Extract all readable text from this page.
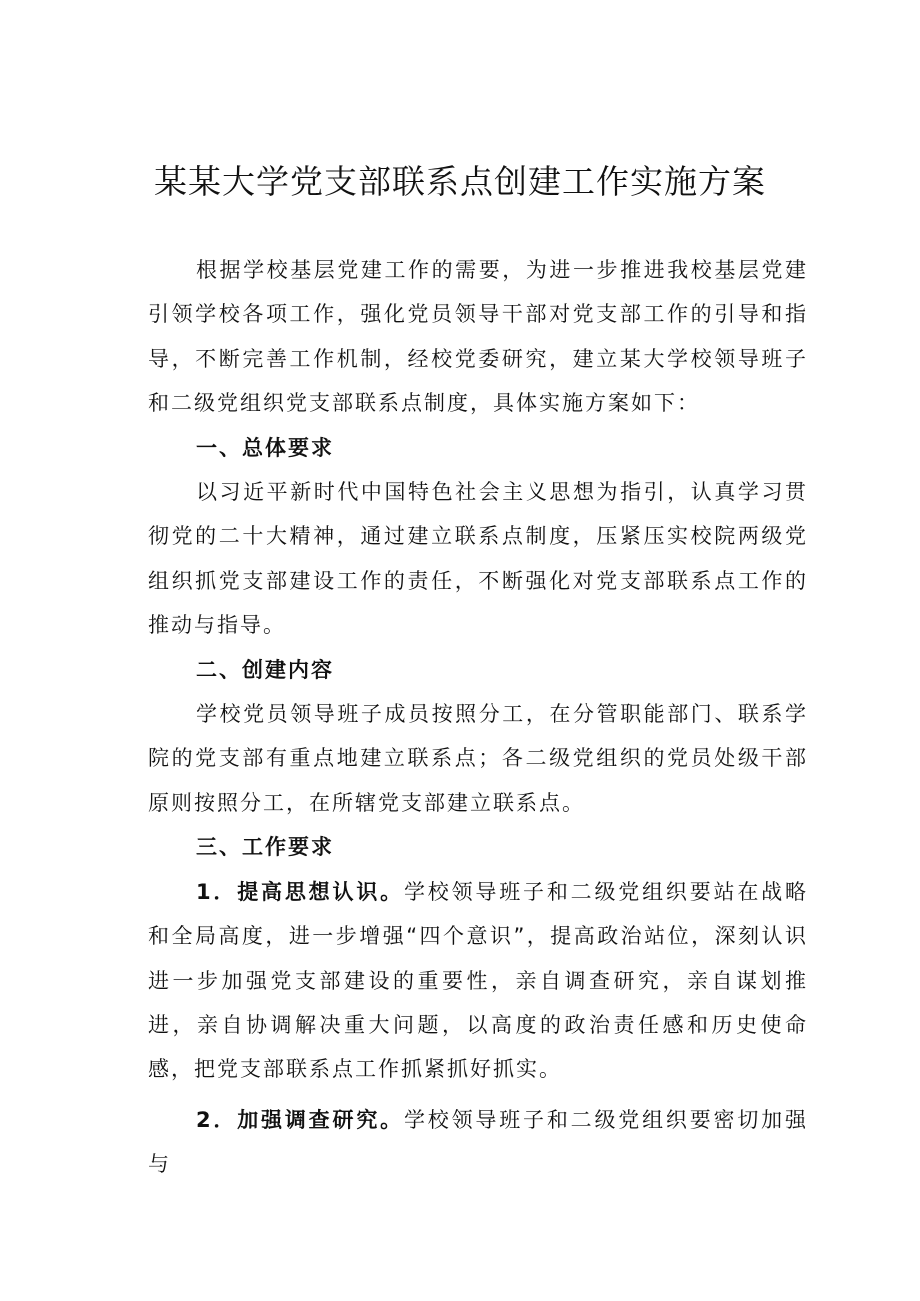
某某大学党支部联系点创建工作实施方案

根据学校基层党建工作的需要，为进一步推进我校基层党建引领学校各项工作，强化党员领导干部对党支部工作的引导和指导，不断完善工作机制，经校党委研究，建立某大学校领导班子和二级党组织党支部联系点制度，具体实施方案如下：

一、总体要求

以习近平新时代中国特色社会主义思想为指引，认真学习贯彻党的二十大精神，通过建立联系点制度，压紧压实校院两级党组织抓党支部建设工作的责任，不断强化对党支部联系点工作的推动与指导。

二、创建内容

学校党员领导班子成员按照分工，在分管职能部门、联系学院的党支部有重点地建立联系点；各二级党组织的党员处级干部原则按照分工，在所辖党支部建立联系点。

三、工作要求

1．提高思想认识。学校领导班子和二级党组织要站在战略和全局高度，进一步增强“四个意识”，提高政治站位，深刻认识进一步加强党支部建设的重要性，亲自调查研究，亲自谋划推进，亲自协调解决重大问题，以高度的政治责任感和历史使命感，把党支部联系点工作抓紧抓好抓实。

2．加强调查研究。学校领导班子和二级党组织要密切加强与
